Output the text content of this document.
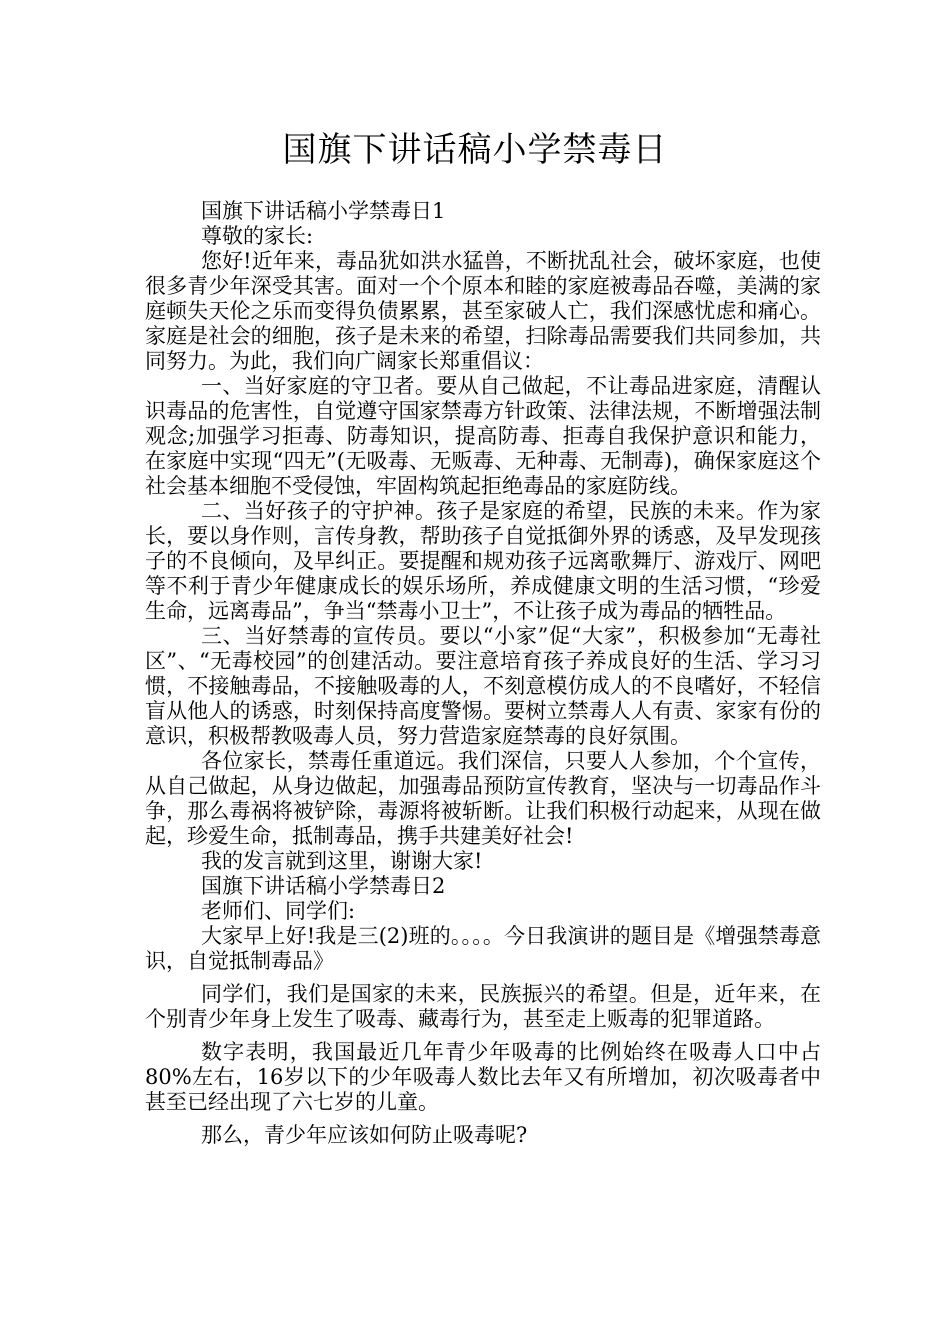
国旗下讲话稿小学禁毒日

国旗下讲话稿小学禁毒日1

尊敬的家长:

您好!近年来，毒品犹如洪水猛兽，不断扰乱社会，破坏家庭，也使很多青少年深受其害。面对一个个原本和睦的家庭被毒品吞噬，美满的家庭顿失天伦之乐而变得负债累累，甚至家破人亡，我们深感忧虑和痛心。家庭是社会的细胞，孩子是未来的希望，扫除毒品需要我们共同参加，共同努力。为此，我们向广阔家长郑重倡议：

一、当好家庭的守卫者。要从自己做起，不让毒品进家庭，清醒认识毒品的危害性，自觉遵守国家禁毒方针政策、法律法规，不断增强法制观念;加强学习拒毒、防毒知识，提高防毒、拒毒自我保护意识和能力，在家庭中实现“四无”(无吸毒、无贩毒、无种毒、无制毒)，确保家庭这个社会基本细胞不受侵蚀，牢固构筑起拒绝毒品的家庭防线。

二、当好孩子的守护神。孩子是家庭的希望，民族的未来。作为家长，要以身作则，言传身教，帮助孩子自觉抵御外界的诱惑，及早发现孩子的不良倾向，及早纠正。要提醒和规劝孩子远离歌舞厅、游戏厅、网吧等不利于青少年健康成长的娱乐场所，养成健康文明的生活习惯，“珍爱生命，远离毒品”，争当“禁毒小卫士”，不让孩子成为毒品的牺牲品。

三、当好禁毒的宣传员。要以“小家”促“大家”，积极参加“无毒社区”、“无毒校园”的创建活动。要注意培育孩子养成良好的生活、学习习惯，不接触毒品，不接触吸毒的人，不刻意模仿成人的不良嗜好，不轻信盲从他人的诱惑，时刻保持高度警惕。要树立禁毒人人有责、家家有份的意识，积极帮教吸毒人员，努力营造家庭禁毒的良好氛围。

各位家长，禁毒任重道远。我们深信，只要人人参加，个个宣传，从自己做起，从身边做起，加强毒品预防宣传教育，坚决与一切毒品作斗争，那么毒祸将被铲除，毒源将被斩断。让我们积极行动起来，从现在做起，珍爱生命，抵制毒品，携手共建美好社会!

我的发言就到这里，谢谢大家!

国旗下讲话稿小学禁毒日2

老师们、同学们:

大家早上好!我是三(2)班的。。。。今日我演讲的题目是《增强禁毒意识，自觉抵制毒品》

同学们，我们是国家的未来，民族振兴的希望。但是，近年来，在个别青少年身上发生了吸毒、藏毒行为，甚至走上贩毒的犯罪道路。

数字表明，我国最近几年青少年吸毒的比例始终在吸毒人口中占80%左右，16岁以下的少年吸毒人数比去年又有所增加，初次吸毒者中甚至已经出现了六七岁的儿童。

那么，青少年应该如何防止吸毒呢?
